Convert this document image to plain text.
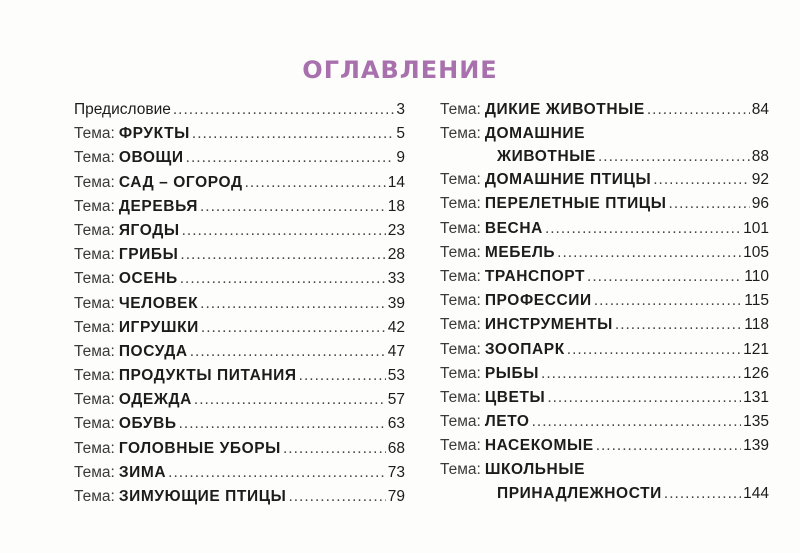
ОГЛАВЛЕНИЕ
Предисловие .....	3
Тема: ФРУКТЫ .....	5
Тема: ОВОЩИ .....	9
Тема: САД – ОГОРОД .....	14
Тема: ДЕРЕВЬЯ .....	18
Тема: ЯГОДЫ .....	23
Тема: ГРИБЫ .....	28
Тема: ОСЕНЬ .....	33
Тема: ЧЕЛОВЕК .....	39
Тема: ИГРУШКИ .....	42
Тема: ПОСУДА .....	47
Тема: ПРОДУКТЫ ПИТАНИЯ .....	53
Тема: ОДЕЖДА .....	57
Тема: ОБУВЬ .....	63
Тема: ГОЛОВНЫЕ УБОРЫ .....	68
Тема: ЗИМА .....	73
Тема: ЗИМУЮЩИЕ ПТИЦЫ .....	79
Тема: ДИКИЕ ЖИВОТНЫЕ .....	84
Тема: ДОМАШНИЕ
ЖИВОТНЫЕ .....	88
Тема: ДОМАШНИЕ ПТИЦЫ .....	92
Тема: ПЕРЕЛЕТНЫЕ ПТИЦЫ .....	96
Тема: ВЕСНА .....	101
Тема: МЕБЕЛЬ .....	105
Тема: ТРАНСПОРТ .....	110
Тема: ПРОФЕССИИ .....	115
Тема: ИНСТРУМЕНТЫ .....	118
Тема: ЗООПАРК .....	121
Тема: РЫБЫ .....	126
Тема: ЦВЕТЫ .....	131
Тема: ЛЕТО .....	135
Тема: НАСЕКОМЫЕ .....	139
Тема: ШКОЛЬНЫЕ
ПРИНАДЛЕЖНОСТИ .....	144
